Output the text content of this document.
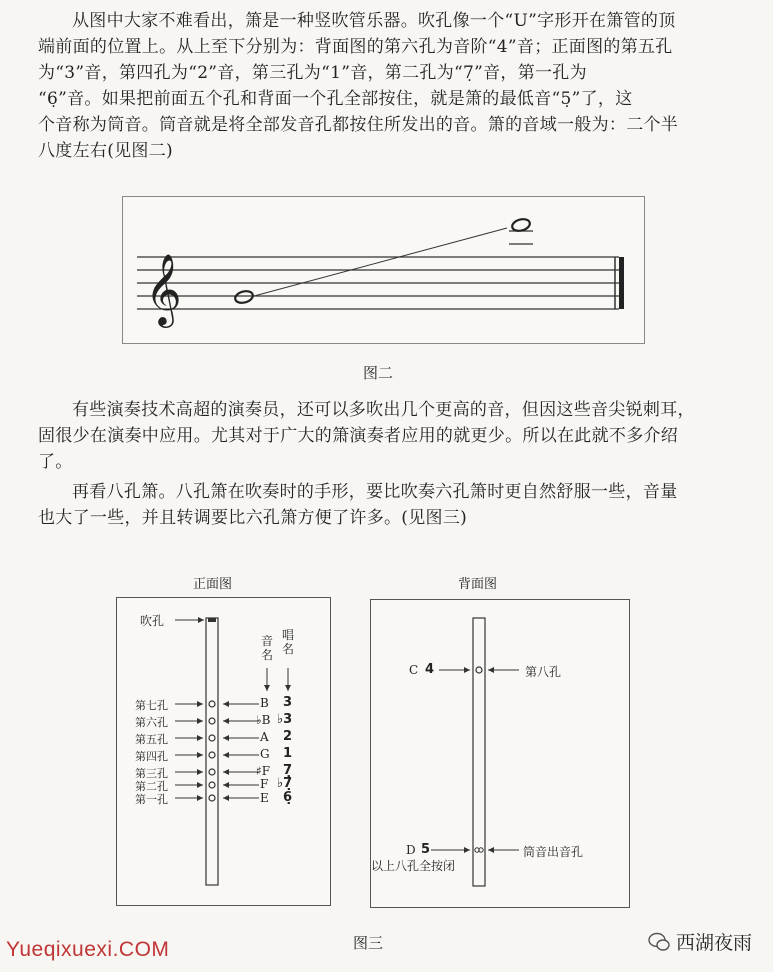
从图中大家不难看出，箫是一种竖吹管乐器。吹孔像一个“U”字形开在箫管的顶
端前面的位置上。从上至下分别为：背面图的第六孔为音阶“4”音；正面图的第五孔
为“3”音，第四孔为“2”音，第三孔为“1”音，第二孔为“7̣”音，第一孔为
“6̣”音。如果把前面五个孔和背面一个孔全部按住，就是箫的最低音“5̣”了，这
个音称为筒音。筒音就是将全部发音孔都按住所发出的音。箫的音域一般为：二个半
八度左右(见图二)
𝄞
图二
有些演奏技术高超的演奏员，还可以多吹出几个更高的音，但因这些音尖锐刺耳，
固很少在演奏中应用。尤其对于广大的箫演奏者应用的就更少。所以在此就不多介绍
了。
再看八孔箫。八孔箫在吹奏时的手形，要比吹奏六孔箫时更自然舒服一些，音量
也大了一些，并且转调要比六孔箫方便了许多。(见图三)
正面图
吹孔
音名
唱名
第七孔
第六孔
第五孔
第四孔
第三孔
第二孔
第一孔
B
♭B
A
G
♯F
F
E
3
♭3
2
1
7̣
♭7̣
6̣
背面图
C 4	第八孔
D 5
以上八孔全按闭
筒音出音孔
图三
Yueqixuexi.COM	西湖夜雨
